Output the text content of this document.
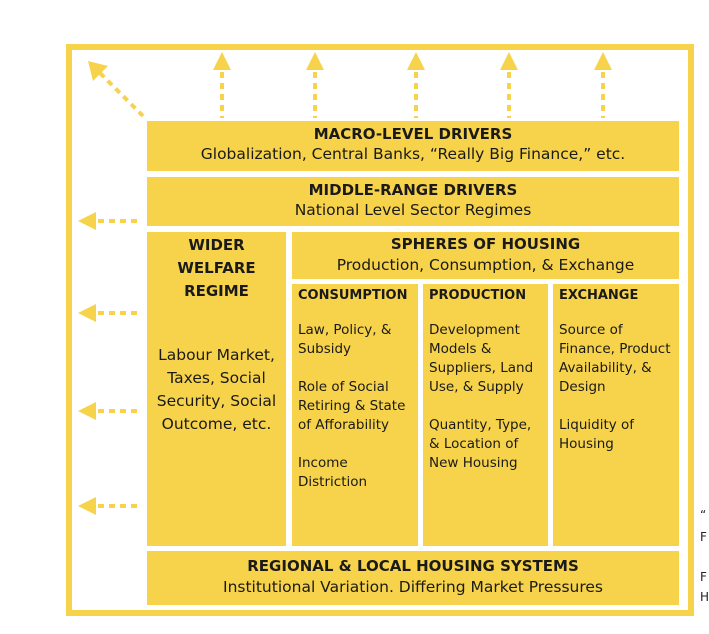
MACRO-LEVEL DRIVERS
Globalization, Central Banks, “Really Big Finance,” etc.
MIDDLE-RANGE DRIVERS
National Level Sector Regimes
WIDER WELFARE REGIME
Labour Market, Taxes, Social Security, Social Outcome, etc.
SPHERES OF HOUSING
Production, Consumption, & Exchange
CONSUMPTION
Law, Policy, & Subsidy
Role of Social Retiring & State of Afforability
Income Distriction
PRODUCTION
Development Models & Suppliers, Land Use, & Supply
Quantity, Type, & Location of New Housing
EXCHANGE
Source of Finance, Product Availability, & Design
Liquidity of Housing
REGIONAL & LOCAL HOUSING SYSTEMS
Institutional Variation. Differing Market Pressures
“
F
F
H
